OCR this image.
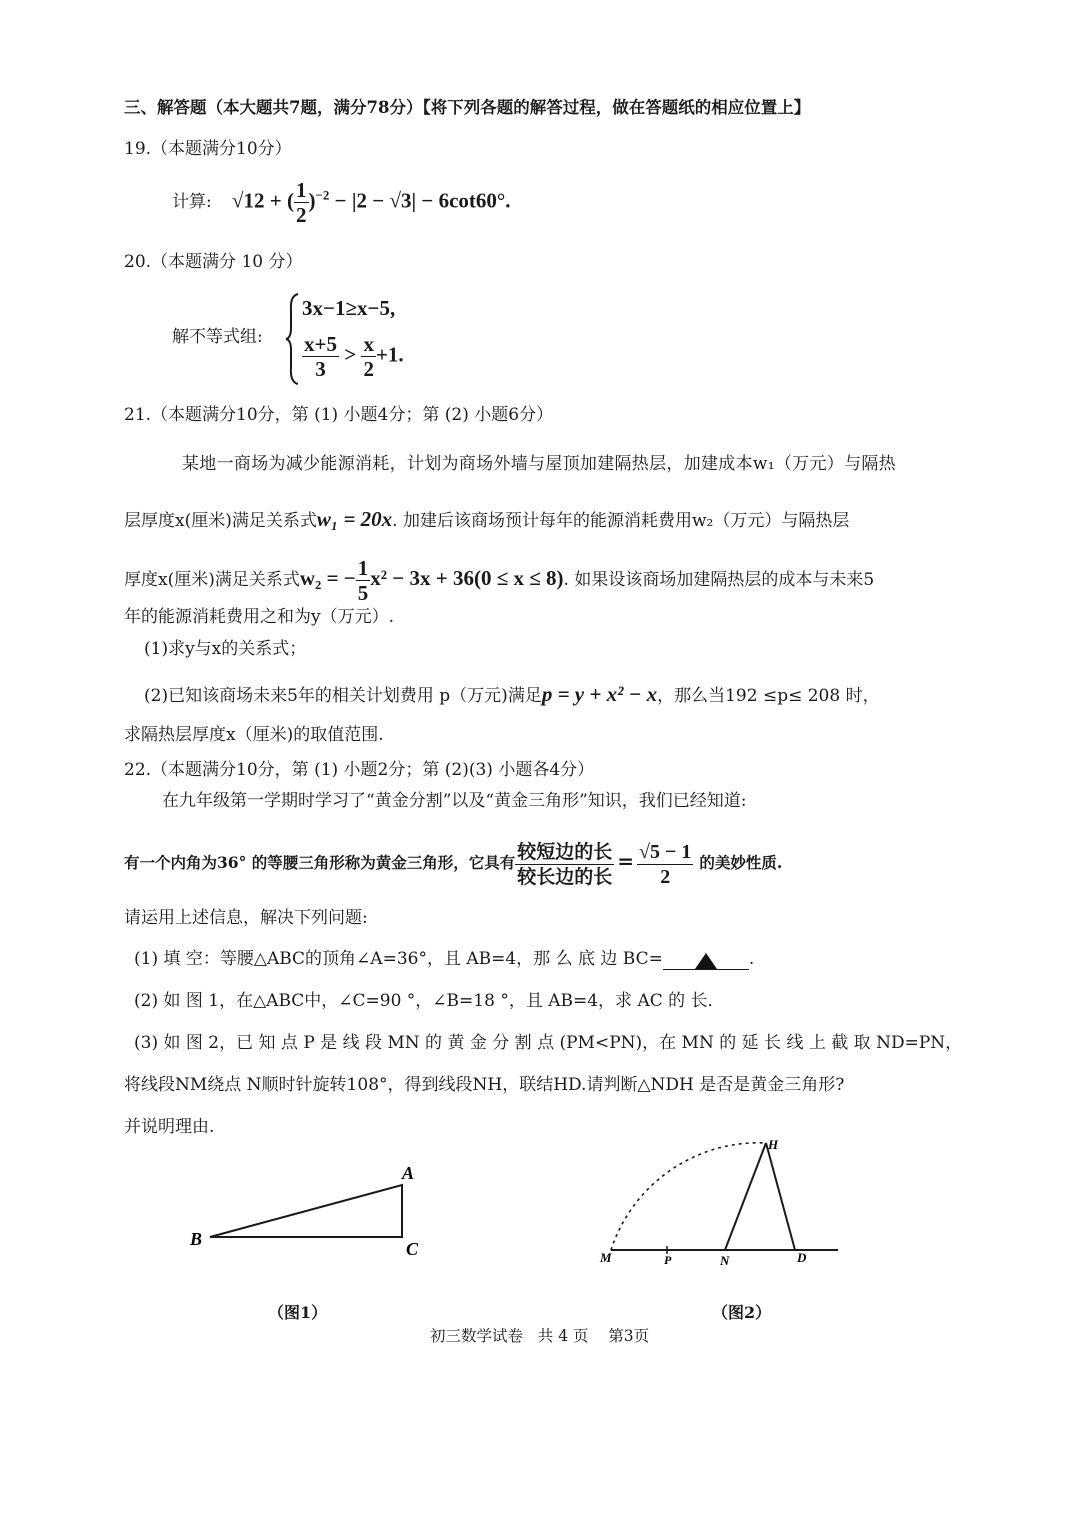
三、解答题（本大题共7题，满分78分）【将下列各题的解答过程，做在答题纸的相应位置上】
19.（本题满分10分）
计算: √12 + ( $\frac{1}{2} )^{-2} - |2 - √3| - 6\cot 60^\circ$.
20.（本题满分 10 分）
解不等式组:
3x−1≥x−5,
$\frac{x+5}{3} > \frac{x}{2} +1$.
21.（本题满分10分，第 (1) 小题4分；第 (2) 小题6分）
某地一商场为减少能源消耗，计划为商场外墙与屋顶加建隔热层，加建成本w₁（万元）与隔热
层厚度x(厘米)满足关系式w₁ = 20x. 加建后该商场预计每年的能源消耗费用w₂（万元）与隔热层
厚度x(厘米)满足关系式w₂ = − $\frac{1}{5} x^2 - 3x + 36(0 \le x \le 8)$. 如果设该商场加建隔热层的成本与未来5
年的能源消耗费用之和为y（万元）.
(1)求y与x的关系式；
(2)已知该商场未来5年的相关计划费用 p（万元)满足p = y + x² − x，那么当192 ≤p≤ 208 时，
求隔热层厚度x（厘米)的取值范围.
22.（本题满分10分，第 (1) 小题2分；第 (2)(3) 小题各4分）
在九年级第一学期时学习了“黄金分割”以及“黄金三角形”知识，我们已经知道:
有一个内角为36° 的等腰三角形称为黄金三角形，它具有 $\frac{\text{较短边的长}}{\text{较长边的长}} = \frac{√5 - 1}{2}$ 的美妙性质.
请运用上述信息，解决下列问题:
(1) 填 空：等腰△ABC的顶角∠A=36°，且 AB=4，那 么 底 边 BC=	.
(2) 如 图 1，在△ABC中，∠C=90 °，∠B=18 °，且 AB=4，求 AC 的 长．
(3) 如 图 2，已 知 点 P 是 线 段 MN 的 黄 金 分 割 点 (PM<PN)，在 MN 的 延 长 线 上 截 取 ND=PN，
将线段NM绕点 N顺时针旋转108°，得到线段NH，联结HD.请判断△NDH 是否是黄金三角形?
并说明理由.
A
B	C
（图1）
H
M	P	N	D
（图2）
初三数学试卷   共 4 页    第3页
